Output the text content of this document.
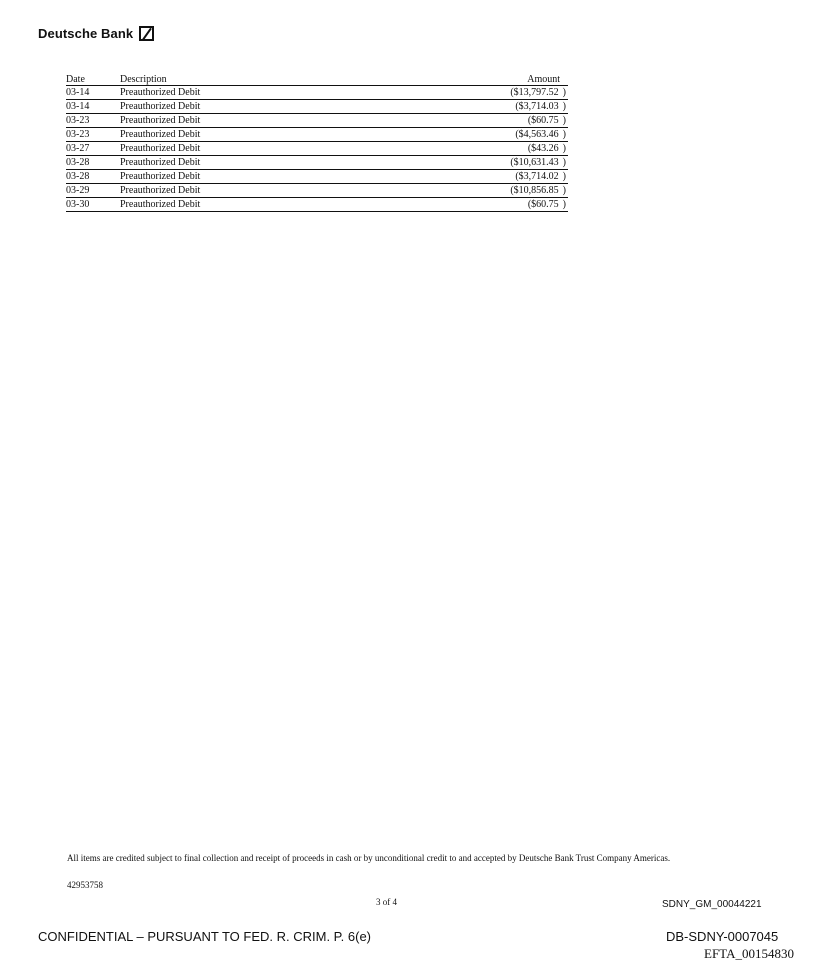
Deutsche Bank
Date	Description	Amount
03-14	Preauthorized Debit	($13,797.52 )
03-14	Preauthorized Debit	($3,714.03 )
03-23	Preauthorized Debit	($60.75 )
03-23	Preauthorized Debit	($4,563.46 )
03-27	Preauthorized Debit	($43.26 )
03-28	Preauthorized Debit	($10,631.43 )
03-28	Preauthorized Debit	($3,714.02 )
03-29	Preauthorized Debit	($10,856.85 )
03-30	Preauthorized Debit	($60.75 )
All items are credited subject to final collection and receipt of proceeds in cash or by unconditional credit to and accepted by Deutsche Bank Trust Company Americas.
42953758
3 of 4	SDNY_GM_00044221
CONFIDENTIAL – PURSUANT TO FED. R. CRIM. P. 6(e)	DB-SDNY-0007045
EFTA_00154830
